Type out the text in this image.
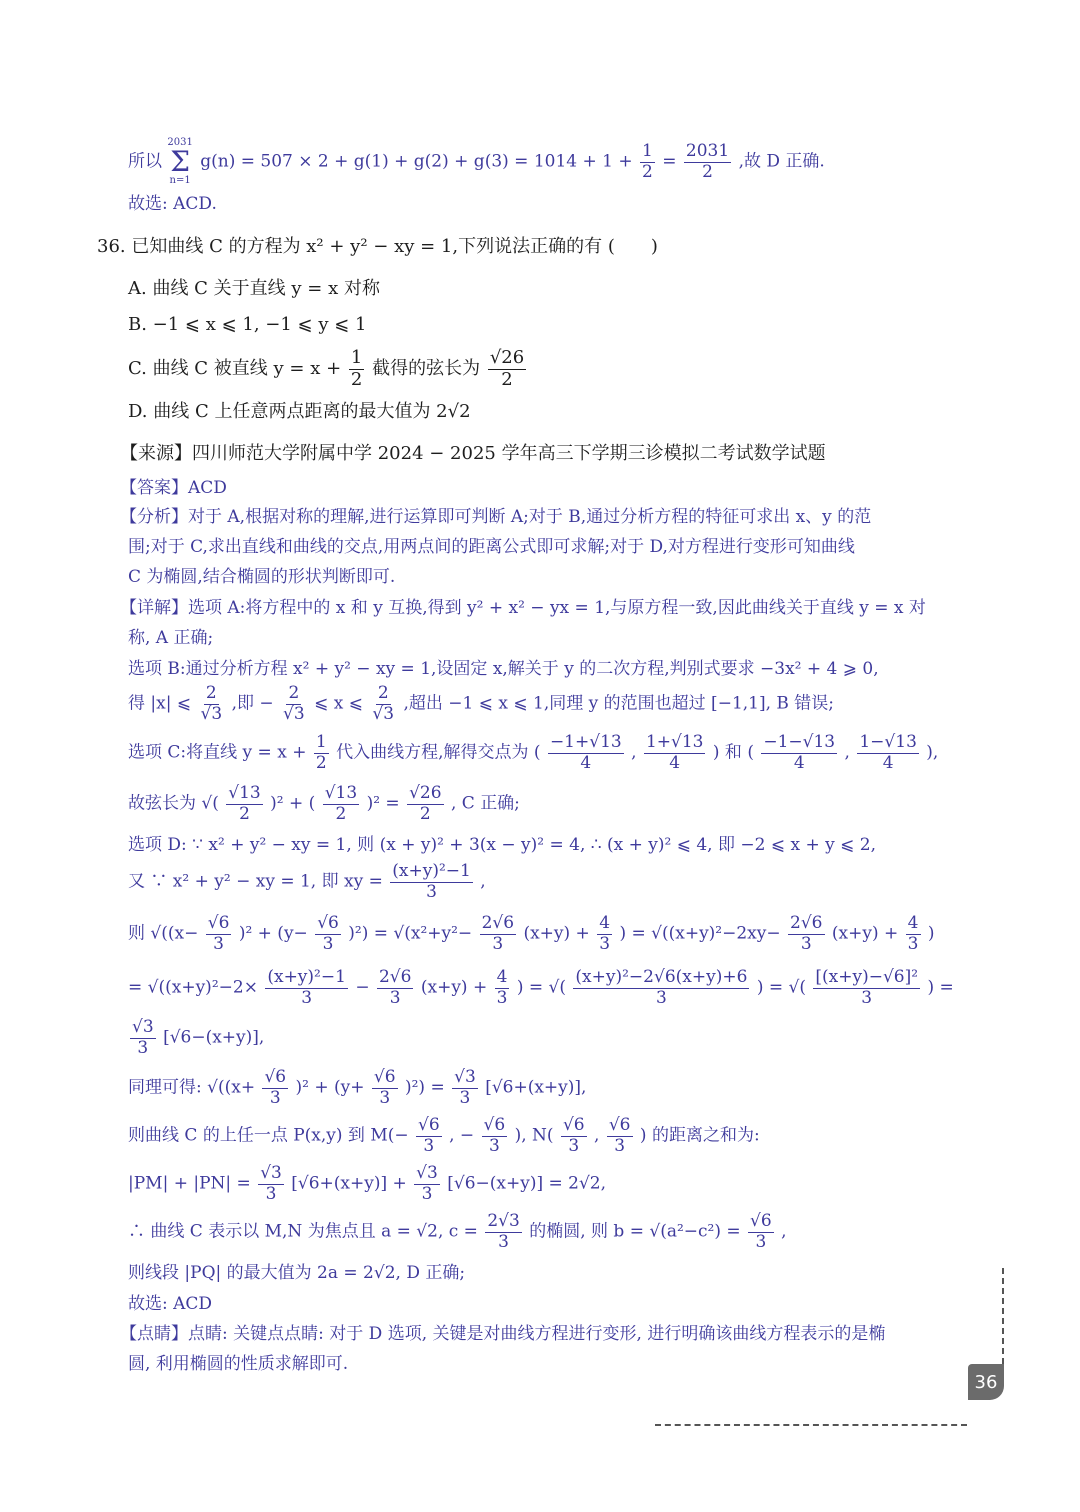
所以
2031
Σ
n=1
$g(n) = 507 \times 2 + g(1) + g(2) + g(3) = 1014 + 1 + \frac{1}{2} = \frac{2031}{2}$ ,故 D 正确.
故选: ACD.
36. 已知曲线 C 的方程为 x² + y² − xy = 1,下列说法正确的有 (　　)
A. 曲线 C 关于直线 y = x 对称
B. −1 ⩽ x ⩽ 1, −1 ⩽ y ⩽ 1
C. 曲线 C 被直线 $y = x + \frac{1}{2}$ 截得的弦长为 $\frac{√26}{2}$
D. 曲线 C 上任意两点距离的最大值为 2√2
【来源】四川师范大学附属中学 2024 − 2025 学年高三下学期三诊模拟二考试数学试题
【答案】ACD
【分析】对于 A,根据对称的理解,进行运算即可判断 A;对于 B,通过分析方程的特征可求出 x、y 的范
围;对于 C,求出直线和曲线的交点,用两点间的距离公式即可求解;对于 D,对方程进行变形可知曲线
C 为椭圆,结合椭圆的形状判断即可.
【详解】选项 A:将方程中的 x 和 y 互换,得到 y² + x² − yx = 1,与原方程一致,因此曲线关于直线 y = x 对
称, A 正确;
选项 B:通过分析方程 x² + y² − xy = 1,设固定 x,解关于 y 的二次方程,判别式要求 −3x² + 4 ⩾ 0,
得 |x| ⩽ $\frac{2}{√3}$ ,即 − $\frac{2}{√3}$ ⩽ x ⩽ $\frac{2}{√3}$ ,超出 −1 ⩽ x ⩽ 1,同理 y 的范围也超过 [−1,1], B 错误;
选项 C:将直线 $y = x + \frac{1}{2}$ 代入曲线方程,解得交点为 ( $\frac{-1+√13}{4}$ , $\frac{1+√13}{4}$ ) 和 ( $\frac{-1-√13}{4}$ , $\frac{1-√13}{4}$ ),
故弦长为 √( $\frac{√13}{2} )^2$ + ( $\frac{√13}{2} )^2 = \frac{√26}{2}$ , C 正确;
选项 D: ∵ x² + y² − xy = 1, 则 (x + y)² + 3(x − y)² = 4, ∴ (x + y)² ⩽ 4, 即 −2 ⩽ x + y ⩽ 2,
又 ∵ x² + y² − xy = 1, 即 xy = $\frac{\text{(x+y)²−1}}{3}$ ,
则 $√((x- \frac{√6}{3} )^2 + (y- \frac{√6}{3} )^2) = √(x^2+y^2- \frac{2√6}{3} (x+y) + \frac{4}{3}$ ) = $√((x+y)^2-2xy- \frac{2√6}{3} (x+y) + \frac{4}{3}$ )
= $√((x+y)^2-2\times \frac{\text{(x+y)²−1}}{3} - \frac{2√6}{3} (x+y) + \frac{4}{3}$ ) = √( $\frac{\text{(x+y)²−2√6(x+y)+6}}{3}$ ) = √( $\frac{\text{[(x+y)−√6]²}}{3}$ ) =
$\frac{√3}{3} [√6-(x+y)]$,
同理可得: $√((x+ \frac{√6}{3} )^2 + (y+ \frac{√6}{3} )^2) = \frac{√3}{3} [√6+(x+y)]$,
则曲线 C 的上任一点 P(x,y) 到 $M(- \frac{√6}{3}$ , − $\frac{√6}{3}$ ), $N( \frac{√6}{3}$ , $\frac{√6}{3}$ ) 的距离之和为:
$|PM| + |PN| = \frac{√3}{3} [√6+(x+y)] + \frac{√3}{3} [√6-(x+y)] = 2√2$,
∴ 曲线 C 表示以 M,N 为焦点且 a = √2, $c = \frac{2√3}{3}$ 的椭圆, 则 $b = √(a^2-c^2) = \frac{√6}{3}$ ,
则线段 |PQ| 的最大值为 2a = 2√2, D 正确;
故选: ACD
【点睛】点睛: 关键点点睛: 对于 D 选项, 关键是对曲线方程进行变形, 进行明确该曲线方程表示的是椭
圆, 利用椭圆的性质求解即可.
36
